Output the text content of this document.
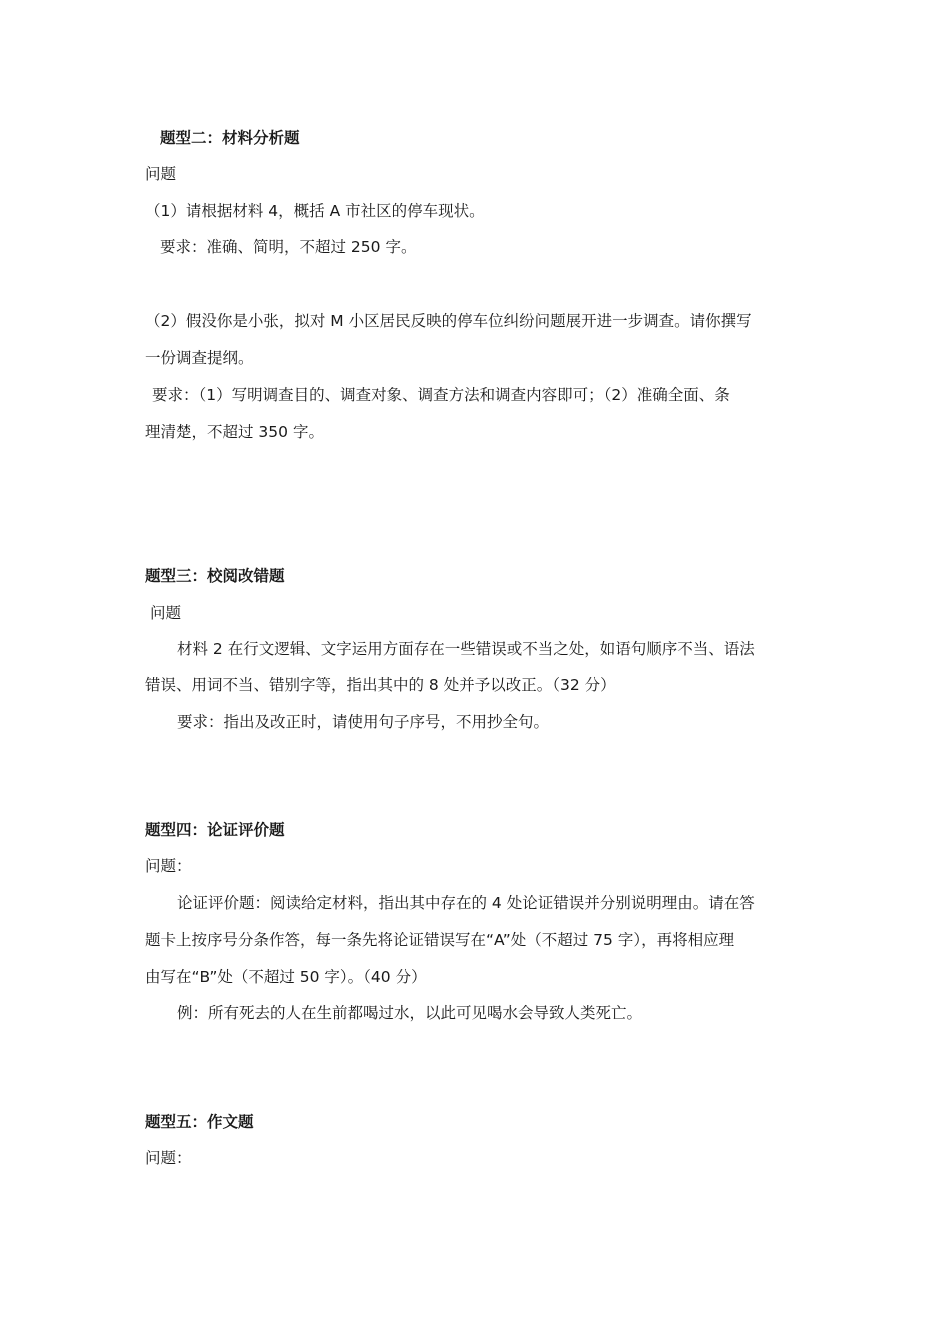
题型二：材料分析题

问题

（1）请根据材料 4，概括 A 市社区的停车现状。

要求：准确、简明，不超过 250 字。

（2）假没你是小张，拟对 M 小区居民反映的停车位纠纷问题展开进一步调查。请你撰写

一份调查提纲。

要求：（1）写明调查目的、调查对象、调查方法和调查内容即可；（2）准确全面、条

理清楚，不超过 350 字。

题型三：校阅改错题

问题

材料 2 在行文逻辑、文字运用方面存在一些错误或不当之处，如语句顺序不当、语法

错误、用词不当、错别字等，指出其中的 8 处并予以改正。（32 分）

要求：指出及改正时，请使用句子序号，不用抄全句。

题型四：论证评价题

问题：

论证评价题：阅读给定材料，指出其中存在的 4 处论证错误并分别说明理由。请在答

题卡上按序号分条作答，每一条先将论证错误写在“A”处（不超过 75 字），再将相应理

由写在“B”处（不超过 50 字）。（40 分）

例：所有死去的人在生前都喝过水，以此可见喝水会导致人类死亡。

题型五：作文题

问题：
